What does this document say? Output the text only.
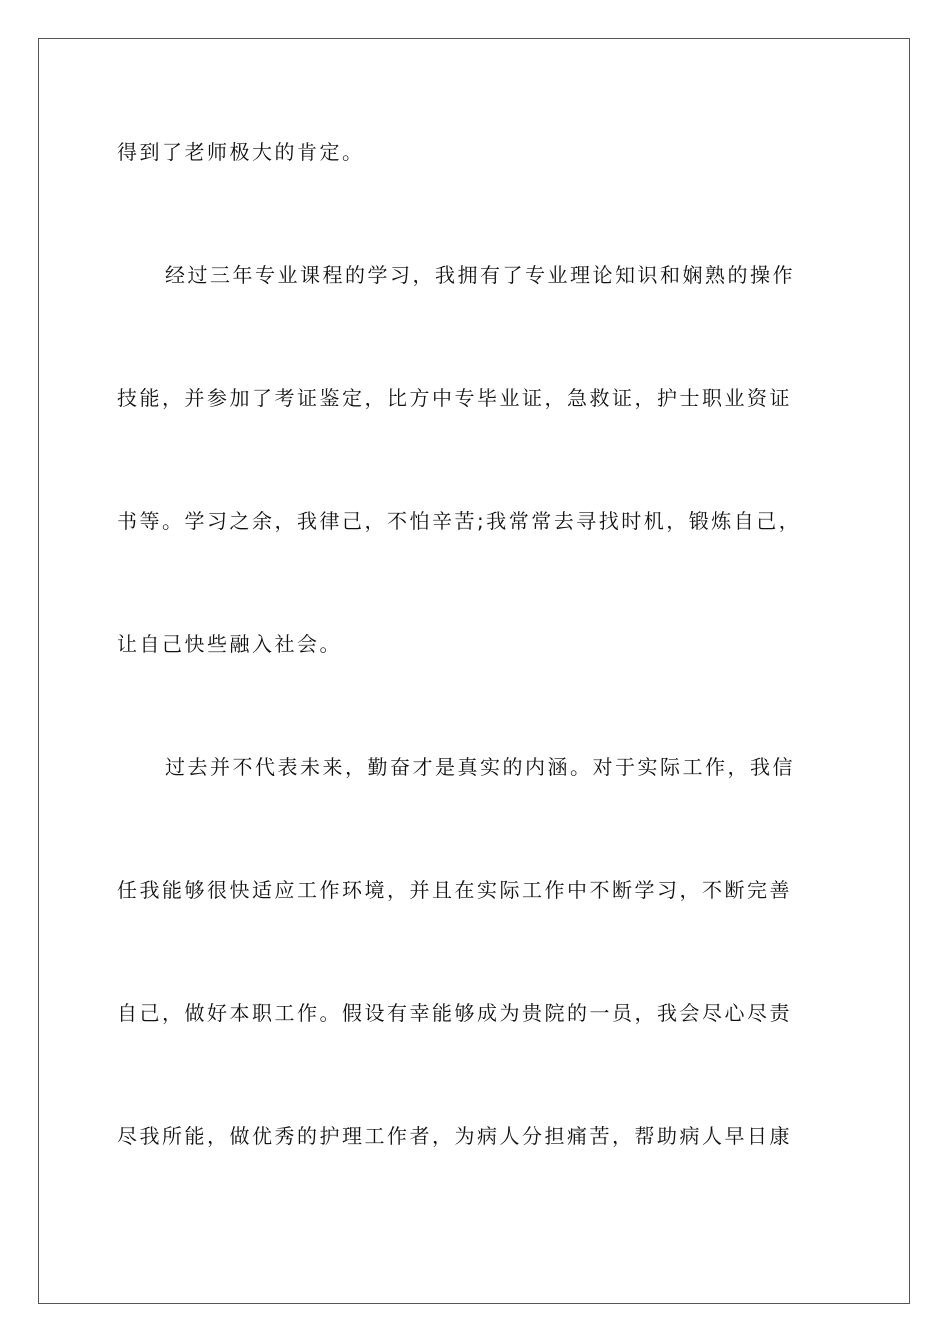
得到了老师极大的肯定。
经过三年专业课程的学习，我拥有了专业理论知识和娴熟的操作
技能，并参加了考证鉴定，比方中专毕业证，急救证，护士职业资证
书等。学习之余，我律己，不怕辛苦;我常常去寻找时机，锻炼自己，
让自己快些融入社会。
过去并不代表未来，勤奋才是真实的内涵。对于实际工作，我信
任我能够很快适应工作环境，并且在实际工作中不断学习，不断完善
自己，做好本职工作。假设有幸能够成为贵院的一员，我会尽心尽责
尽我所能，做优秀的护理工作者，为病人分担痛苦，帮助病人早日康
